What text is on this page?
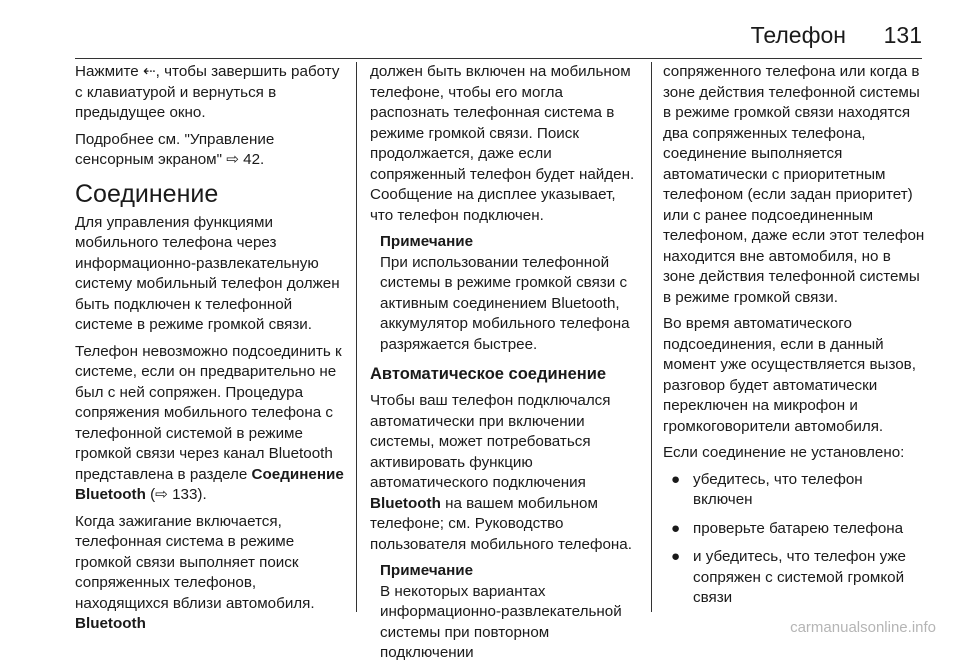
Телефон 131

Нажмите ⇠, чтобы завершить работу с клавиатурой и вернуться в предыдущее окно.

Подробнее см. "Управление сенсорным экраном" ⇨ 42.

Соединение

Для управления функциями мобильного телефона через информационно-развлекательную систему мобильный телефон должен быть подключен к телефонной системе в режиме громкой связи.

Телефон невозможно подсоединить к системе, если он предварительно не был с ней сопряжен. Процедура сопряжения мобильного телефона с телефонной системой в режиме громкой связи через канал Bluetooth представлена в разделе Соединение Bluetooth (⇨ 133).

Когда зажигание включается, телефонная система в режиме громкой связи выполняет поиск сопряженных телефонов, находящихся вблизи автомобиля. Bluetooth

должен быть включен на мобильном телефоне, чтобы его могла распознать телефонная система в режиме громкой связи. Поиск продолжается, даже если сопряженный телефон будет найден. Сообщение на дисплее указывает, что телефон подключен.

Примечание
При использовании телефонной системы в режиме громкой связи с активным соединением Bluetooth, аккумулятор мобильного телефона разряжается быстрее.
Автоматическое соединение

Чтобы ваш телефон подключался автоматически при включении системы, может потребоваться активировать функцию автоматического подключения Bluetooth на вашем мобильном телефоне; см. Руководство пользователя мобильного телефона.

Примечание
В некоторых вариантах информационно-развлекательной системы при повторном подключении

сопряженного телефона или когда в зоне действия телефонной системы в режиме громкой связи находятся два сопряженных телефона, соединение выполняется автоматически с приоритетным телефоном (если задан приоритет) или с ранее подсоединенным телефоном, даже если этот телефон находится вне автомобиля, но в зоне действия телефонной системы в режиме громкой связи.

Во время автоматического подсоединения, если в данный момент уже осуществляется вызов, разговор будет автоматически переключен на микрофон и громкоговорители автомобиля.

Если соединение не установлено:

● убедитесь, что телефон включен
● проверьте батарею телефона
● и убедитесь, что телефон уже сопряжен с системой громкой связи
carmanualsonline.info
